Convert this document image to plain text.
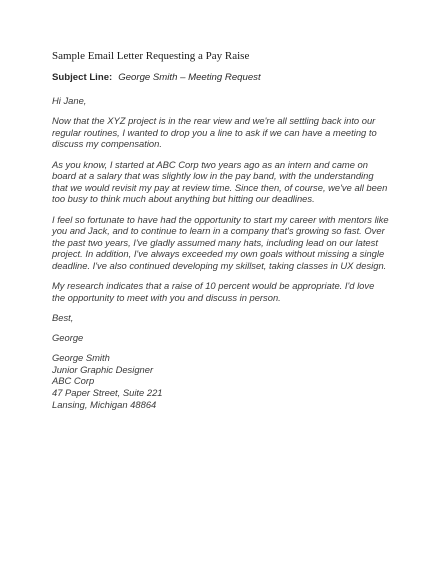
Sample Email Letter Requesting a Pay Raise
Subject Line: George Smith – Meeting Request

Hi Jane,

Now that the XYZ project is in the rear view and we're all settling back into our
regular routines, I wanted to drop you a line to ask if we can have a meeting to
discuss my compensation.

As you know, I started at ABC Corp two years ago as an intern and came on
board at a salary that was slightly low in the pay band, with the understanding
that we would revisit my pay at review time. Since then, of course, we've all been
too busy to think much about anything but hitting our deadlines.

I feel so fortunate to have had the opportunity to start my career with mentors like
you and Jack, and to continue to learn in a company that's growing so fast. Over
the past two years, I've gladly assumed many hats, including lead on our latest
project. In addition, I've always exceeded my own goals without missing a single
deadline. I've also continued developing my skillset, taking classes in UX design.

My research indicates that a raise of 10 percent would be appropriate. I'd love
the opportunity to meet with you and discuss in person.

Best,

George

George Smith
Junior Graphic Designer
ABC Corp
47 Paper Street, Suite 221
Lansing, Michigan 48864
